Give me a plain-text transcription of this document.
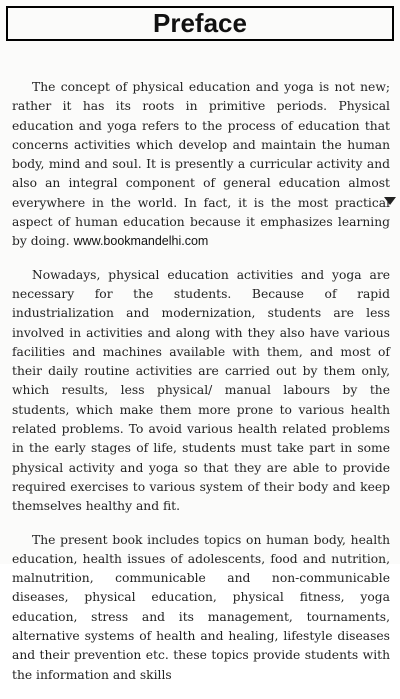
Preface

The concept of physical education and yoga is not new; rather it has its roots in primitive periods. Physical education and yoga refers to the process of education that concerns activities which develop and maintain the human body, mind and soul. It is presently a curricular activity and also an integral component of general education almost everywhere in the world. In fact, it is the most practical aspect of human education because it emphasizes learning by doing. www.bookmandelhi.com

Nowadays, physical education activities and yoga are necessary for the students. Because of rapid industrialization and modernization, students are less involved in activities and along with they also have various facilities and machines available with them, and most of their daily routine activities are carried out by them only, which results, less physical/ manual labours by the students, which make them more prone to various health related problems. To avoid various health related problems in the early stages of life, students must take part in some physical activity and yoga so that they are able to provide required exercises to various system of their body and keep themselves healthy and fit.

The present book includes topics on human body, health education, health issues of adolescents, food and nutrition, malnutrition, communicable and non-communicable diseases, physical education, physical fitness, yoga education, stress and its management, tournaments, alternative systems of health and healing, lifestyle diseases and their prevention etc. these topics provide students with the information and skills
